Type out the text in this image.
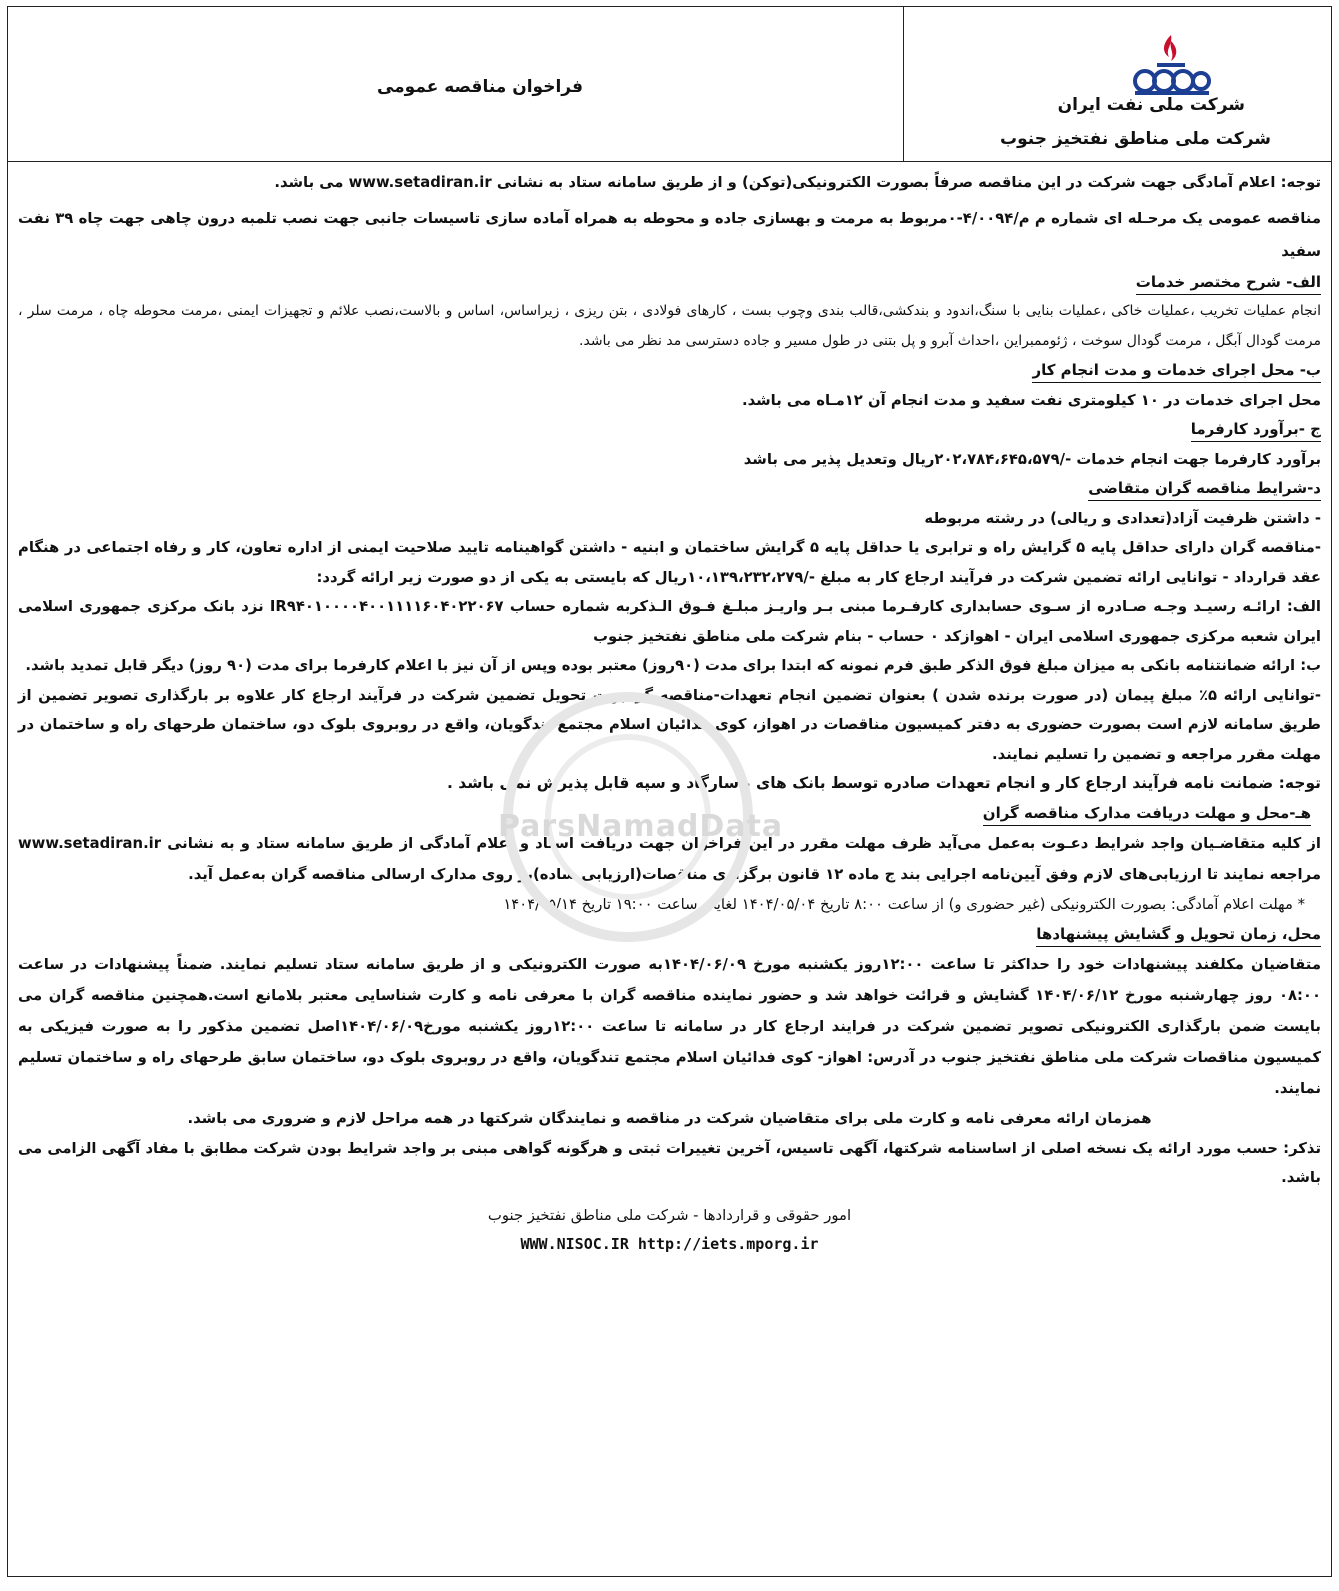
شرکت ملی نفت ایران
شرکت ملی مناطق نفتخیز جنوب
فراخوان مناقصه عمومی
ParsNamadData

توجه: اعلام آمادگی جهت شرکت در این مناقصه صرفاً بصورت الکترونیکی(توکن) و از طریق سامانه ستاد به نشانی www.setadiran.ir می باشد.

مناقصه عمومی یک مرحـله ای شماره م م/۴/۰۰۹۴-۰مربوط به مرمت و بهسازی جاده و محوطه به همراه آماده سازی تاسیسات جانبی جهت نصب تلمبه درون چاهی جهت چاه ۳۹ نفت سفید

الف- شرح مختصر خدمات

انجام عملیات تخریب ،عملیات خاکی ،عملیات بنایی با سنگ،اندود و بندکشی،قالب بندی وچوب بست ، کارهای فولادی ، بتن ریزی ، زیراساس، اساس و بالاست،نصب علائم و تجهیزات ایمنی ،مرمت محوطه چاه ، مرمت سلر ، مرمت گودال آبگل ، مرمت گودال سوخت ، ژئوممبراین ،احداث آبرو و پل بتنی در طول مسیر و جاده دسترسی مد نظر می باشد.

ب- محل اجرای خدمات و مدت انجام کار

محل اجرای خدمات در ۱۰ کیلومتری نفت سفید و مدت انجام آن ۱۲مـاه می باشد.

ج -برآورد کارفرما

برآورد کارفرما جهت انجام خدمات -/۲۰۲،۷۸۴،۶۴۵،۵۷۹ریال وتعدیل پذیر می باشد

د-شرایط مناقصه گران متقاضی

- داشتن ظرفیت آزاد(تعدادی و ریالی) در رشته مربوطه

-مناقصه گران دارای حداقل پایه ۵ گرایش راه و ترابری یا حداقل پایه ۵ گرایش ساختمان و ابنیه - داشتن گواهینامه تایید صلاحیت ایمنی از اداره تعاون، کار و رفاه اجتماعی در هنگام عقد قرارداد - توانایی ارائه تضمین شرکت در فرآیند ارجاع کار به مبلغ -/۱۰،۱۳۹،۲۳۲،۲۷۹ریال که بایستی به یکی از دو صورت زیر ارائه گردد:

الف: ارائـه رسیـد وجـه صـادره از سـوی حسابداری کارفـرما مبنی بـر واریـز مبلـغ فـوق الـذکربه شماره حساب IR۹۴۰۱۰۰۰۰۴۰۰۱۱۱۱۶۰۴۰۲۲۰۶۷ نزد بانک مرکزی جمهوری اسلامی ایران شعبه مرکزی جمهوری اسلامی ایران - اهوازکد ۰ حساب - بنام شرکت ملی مناطق نفتخیز جنوب

ب: ارائه ضمانتنامه بانکی به میزان مبلغ فوق الذکر طبق فرم نمونه که ابتدا برای مدت (۹۰روز) معتبر بوده وپس از آن نیز با اعلام کارفرما برای مدت (۹۰ روز) دیگر قابل تمدید باشد.

-توانایی ارائه ۵٪ مبلغ پیمان (در صورت برنده شدن ) بعنوان تضمین انجام تعهدات-مناقصه گر جهت تحویل تضمین شرکت در فرآیند ارجاع کار علاوه بر بارگذاری تصویر تضمین از طریق سامانه لازم است بصورت حضوری به دفتر کمیسیون مناقصات در اهواز، کوی فدائیان اسلام مجتمع تندگویان، واقع در روبروی بلوک دو، ساختمان طرحهای راه و ساختمان در مهلت مقرر مراجعه و تضمین را تسلیم نمایند.

توجه: ضمانت نامه فرآیند ارجاع کار و انجام تعهدات صادره توسط بانک های پاسارگاد و سپه قابل پذیرش نمی باشد .

هـ-محل و مهلت دریافت مدارک مناقصه گران

از کلیه متقاضـیان واجد شرایط دعـوت به‌عمل می‌آید ظرف مهلت مقرر در این فراخوان جهت دریافت اسناد و اعلام آمادگی از طریق سامانه ستاد و به نشانی www.setadiran.ir مراجعه نمایند تا ارزیابی‌های لازم وفق آیین‌نامه اجرایی بند ج ماده ۱۲ قانون برگزاری مناقصات(ارزیابی ساده)بر روی مدارک ارسالی مناقصه گران به‌عمل آید.

* مهلت اعلام آمادگی: بصورت الکترونیکی (غیر حضوری و) از ساعت ۸:۰۰ تاریخ ۱۴۰۴/۰۵/۰۴ لغایت ساعت ۱۹:۰۰ تاریخ ۱۴۰۴/۰۵/۱۴

محل، زمان تحویل و گشایش پیشنهادها

متقاضیان مکلفند پیشنهادات خود را حداکثر تا ساعت ۱۲:۰۰روز یکشنبه مورخ ۱۴۰۴/۰۶/۰۹به صورت الکترونیکی و از طریق سامانه ستاد تسلیم نمایند. ضمناً پیشنهادات در ساعت ۰۸:۰۰ روز چهارشنبه مورخ ۱۴۰۴/۰۶/۱۲ گشایش و قرائت خواهد شد و حضور نماینده مناقصه گران با معرفی نامه و کارت شناسایی معتبر بلامانع است.همچنین مناقصه گران می بایست ضمن بارگذاری الکترونیکی تصویر تضمین شرکت در فرایند ارجاع کار در سامانه تا ساعت ۱۲:۰۰روز یکشنبه مورخ۱۴۰۴/۰۶/۰۹اصل تضمین مذکور را به صورت فیزیکی به کمیسیون مناقصات شرکت ملی مناطق نفتخیز جنوب در آدرس: اهواز- کوی فدائیان اسلام مجتمع تندگویان، واقع در روبروی بلوک دو، ساختمان سابق طرحهای راه و ساختمان تسلیم نمایند.

همزمان ارائه معرفی نامه و کارت ملی برای متقاضیان شرکت در مناقصه و نمایندگان شرکتها در همه مراحل لازم و ضروری می باشد.

تذکر: حسب مورد ارائه یک نسخه اصلی از اساسنامه شرکتها، آگهی تاسیس، آخرین تغییرات ثبتی و هرگونه گواهی مبنی بر واجد شرایط بودن شرکت مطابق با مفاد آگهی الزامی می باشد.

امور حقوقی و قراردادها - شرکت ملی مناطق نفتخیز جنوب

WWW.NISOC.IR http://iets.mporg.ir
